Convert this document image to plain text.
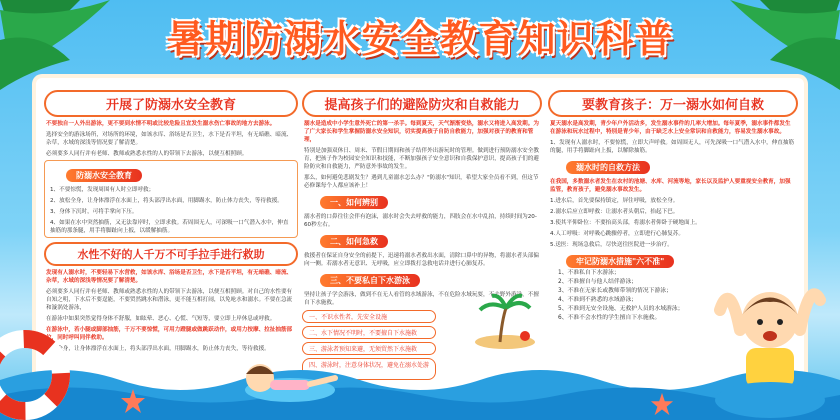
暑期防溺水安全教育知识科普
开展了防溺水安全教育
不要独自一人外出游泳，更不要到水情不明或比较危险且宜发生溺水伤亡事故的地方去游泳。
选择安全的游泳场所，对场所的环境，如该水库、浴场是否卫生，水下是否平坦，有无暗礁、暗流、杂草，水域的深浅等情况要了解清楚。
必须要多人同行并有老师、教师或熟悉水性的人的带领下去游泳，以便互相照顾。
防溺水安全教育
1、不要惊慌，发现周围有人时立即呼救；
2、放松全身，让身体漂浮在水面上，将头部浮出水面，用脚踢水，防止体力丧失，等待救援。
3、身体下沉时，可将手掌向下压。
4、如果在水中突然抽筋，又无法靠岸时，立即求救。若周围无人，可深吸一口气潜入水中，伸直抽筋的那条腿，用手将脚趾向上扳，以缓解抽筋。
水性不好的人千万不可手拉手进行救助
发现有人溺水时，不要轻易下水营救，如该水库、浴场是否卫生，水下是否平坦，有无暗礁、暗流、杂草，水域的深浅等情况要了解清楚。
必须要多人同行并有老师、教师或熟悉水性的人的带领下去游泳，以便互相照顾。对自己的水性要有自知之明，下水后不要逞能，不要贸然跳水和潜泳，更不能互相打闹，以免呛水和溺水。不要在急流和漩涡处游泳，
在游泳中如果突然觉得身体不舒服，如眩晕、恶心、心慌、气短等，要立即上岸休息或呼救。
在游泳中，若小腿或脚部抽筋，千万不要惊慌，可用力蹬腿或做跳跃动作，或用力按摩、拉扯抽筋部位，同时呼叫同伴救助。
放松全身，让身体漂浮在水面上，将头部浮出水面，用脚踢水，防止体力丧失，等待救援。
提高孩子们的避险防灾和自救能力
溺水是造成中小学生意外死亡的第一杀手。每到夏天，天气渐渐变热，溺水又将进入高发期。为了广大家长和学生掌握防溺水安全知识，切实提高孩子自防自救能力，加强对孩子的教育和管理，
特别是加强双休日、周末、节假日期间和孩子结伴外出游玩时的管理。做到进行预防溺水安全教育，把孩子作为校园安全知识和技能，不断加强孩子安全意识和自我保护意识，提高孩子们的避险防灾和自救能力，严防意外事故的发生。
那么，如何避免悲剧发生？遇到儿童溺水怎么办？"防溺水"知识，希望大家全员看不到，但这节必修课每个人都应该补上！
一、如何辨别
溺水者的口鼻往往会伴有泡沫，溺水时会失去呼救的能力，四肢会在水中乱拍，持续时间为20-60秒左右。
二、如何急救
救援者在保证自身安全的前提下，迅速将溺水者救出水面，清除口鼻中的异物，将溺水者头部偏向一侧。若溺水者无意识、无呼吸，应立即拨打急救电话并进行心肺复苏。
三、不要私自下水游泳
坚持让孩子学会游泳，做到不在无人看管的水域游泳，不在危险水域玩耍，不去野外游泳，不擅自下水施救。
一、不识水性者，先安全设施
二、水下情况不明时，不要擅自下水施救
三、游泳者预知来避，无须贸然下水施救
四、游泳时，注意身体状况，避免在溺水处游
要教育孩子：万一溺水如何自救
夏天溺水是高发期，青少年户外活动多，发生溺水事件的几率大增加。每年夏季，溺水事件都发生在游泳和玩水过程中，特别是青少年，由于缺乏水上安全常识和自救能力，容易发生溺水事故。
1、发现有人溺水时，不要惊慌，立即大声呼救。如周围无人，可先深吸一口气潜入水中，伸直抽筋的腿，用手将脚趾向上扳，以解除抽筋。
溺水时的自救方法
在我国，多数溺水者发生在农村的池塘、水库、河流等地，家长以及监护人要重视安全教育，加强监管，教育孩子，避免溺水事故发生。
1.进水后，首先要保持镇定，屏住呼吸，放松全身。
2.溺水后应立即呼救：让溺水者头朝后，抬起下巴。
3.使其平仰卧位：不要抬高头部，将溺水者仰卧于硬地面上。
4.人工呼吸：对呼吸心跳骤停者，立即进行心肺复苏。
5.送医：现场急救后，尽快送往医院进一步治疗。
牢记防溺水措施"六不准"
1、不准私自下水游泳；
2、不准擅自与他人结伴游泳；
3、不准在无家长或教师带领的情况下游泳；
4、不准到不熟悉的水域游泳；
5、不准到无安全设施、无救护人员的水域游泳；
6、不准不会水性的学生擅自下水施救。
